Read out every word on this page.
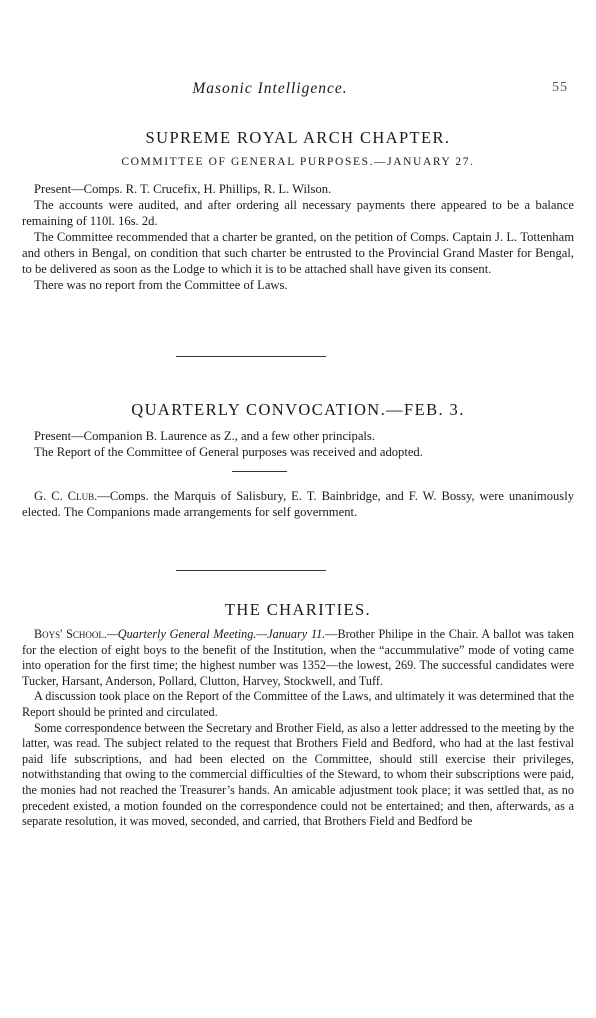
Masonic Intelligence.	55
SUPREME ROYAL ARCH CHAPTER.
COMMITTEE OF GENERAL PURPOSES.—JANUARY 27.

Present—Comps. R. T. Crucefix, H. Phillips, R. L. Wilson.

The accounts were audited, and after ordering all necessary payments there appeared to be a balance remaining of 110l. 16s. 2d.

The Committee recommended that a charter be granted, on the petition of Comps. Captain J. L. Tottenham and others in Bengal, on condition that such charter be entrusted to the Provincial Grand Master for Bengal, to be delivered as soon as the Lodge to which it is to be attached shall have given its consent.

There was no report from the Committee of Laws.

QUARTERLY CONVOCATION.—FEB. 3.

Present—Companion B. Laurence as Z., and a few other principals.

The Report of the Committee of General purposes was received and adopted.

G. C. Club.—Comps. the Marquis of Salisbury, E. T. Bainbridge, and F. W. Bossy, were unanimously elected. The Companions made arrangements for self government.

THE CHARITIES.

Boys' School.—Quarterly General Meeting.—January 11.—Brother Philipe in the Chair. A ballot was taken for the election of eight boys to the benefit of the Institution, when the “accummulative” mode of voting came into operation for the first time; the highest number was 1352—the lowest, 269. The successful candidates were Tucker, Harsant, Anderson, Pollard, Clutton, Harvey, Stockwell, and Tuff.

A discussion took place on the Report of the Committee of the Laws, and ultimately it was determined that the Report should be printed and circulated.

Some correspondence between the Secretary and Brother Field, as also a letter addressed to the meeting by the latter, was read. The subject related to the request that Brothers Field and Bedford, who had at the last festival paid life subscriptions, and had been elected on the Committee, should still exercise their privileges, notwithstanding that owing to the commercial difficulties of the Steward, to whom their subscriptions were paid, the monies had not reached the Treasurer’s hands. An amicable adjustment took place; it was settled that, as no precedent existed, a motion founded on the correspondence could not be entertained; and then, afterwards, as a separate resolution, it was moved, seconded, and carried, that Brothers Field and Bedford be
